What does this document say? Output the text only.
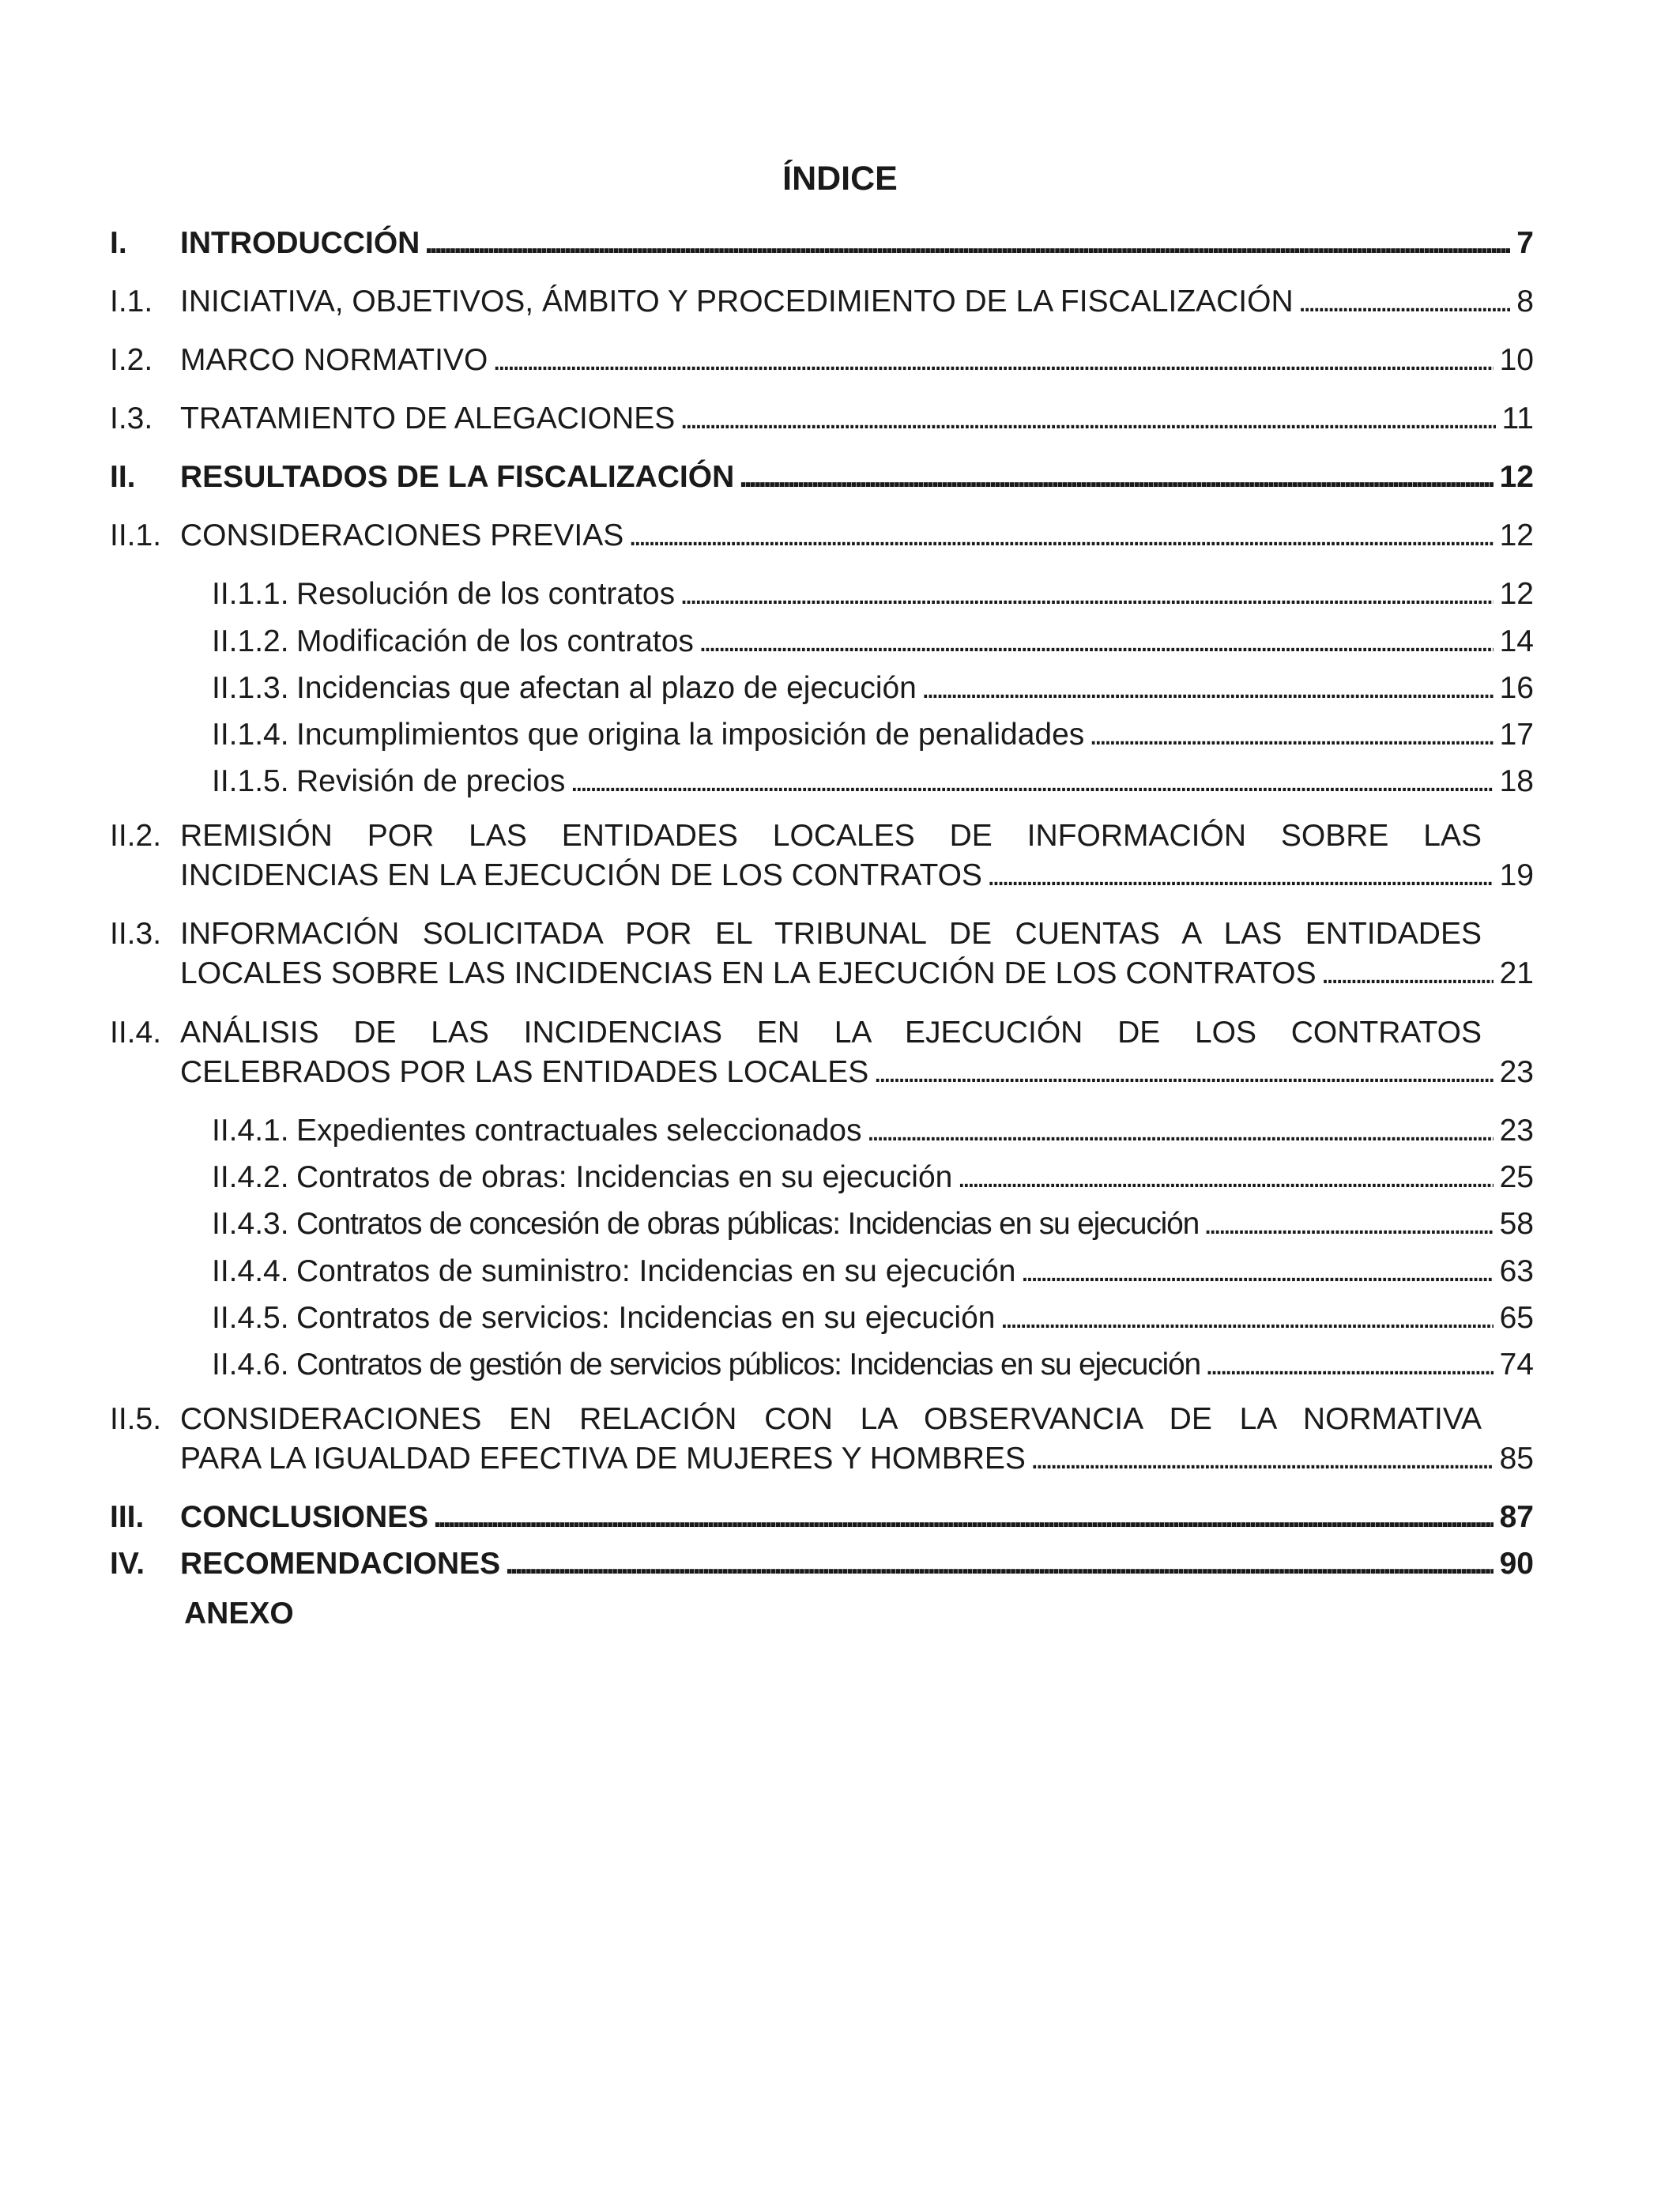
ÍNDICE
I. INTRODUCCIÓN . . .	7
I.1. INICIATIVA, OBJETIVOS, ÁMBITO Y PROCEDIMIENTO DE LA FISCALIZACIÓN . . .	8
I.2. MARCO NORMATIVO . . .	10
I.3. TRATAMIENTO DE ALEGACIONES . . .	11
II. RESULTADOS DE LA FISCALIZACIÓN . . .	12
II.1. CONSIDERACIONES PREVIAS . . .	12
II.1.1. Resolución de los contratos . . .	12
II.1.2. Modificación de los contratos . . .	14
II.1.3. Incidencias que afectan al plazo de ejecución . . .	16
II.1.4. Incumplimientos que origina la imposición de penalidades . . .	17
II.1.5. Revisión de precios . . .	18
II.2. REMISIÓN POR LAS ENTIDADES LOCALES DE INFORMACIÓN SOBRE LAS
INCIDENCIAS EN LA EJECUCIÓN DE LOS CONTRATOS . . .	19
II.3. INFORMACIÓN SOLICITADA POR EL TRIBUNAL DE CUENTAS A LAS ENTIDADES
LOCALES SOBRE LAS INCIDENCIAS EN LA EJECUCIÓN DE LOS CONTRATOS . . .	21
II.4. ANÁLISIS DE LAS INCIDENCIAS EN LA EJECUCIÓN DE LOS CONTRATOS
CELEBRADOS POR LAS ENTIDADES LOCALES . . .	23
II.4.1. Expedientes contractuales seleccionados . . .	23
II.4.2. Contratos de obras: Incidencias en su ejecución . . .	25
II.4.3. Contratos de concesión de obras públicas: Incidencias en su ejecución . . .	58
II.4.4. Contratos de suministro: Incidencias en su ejecución . . .	63
II.4.5. Contratos de servicios: Incidencias en su ejecución . . .	65
II.4.6. Contratos de gestión de servicios públicos: Incidencias en su ejecución . . .	74
II.5. CONSIDERACIONES EN RELACIÓN CON LA OBSERVANCIA DE LA NORMATIVA
PARA LA IGUALDAD EFECTIVA DE MUJERES Y HOMBRES . . .	85
III. CONCLUSIONES . . .	87
IV. RECOMENDACIONES . . .	90
ANEXO
